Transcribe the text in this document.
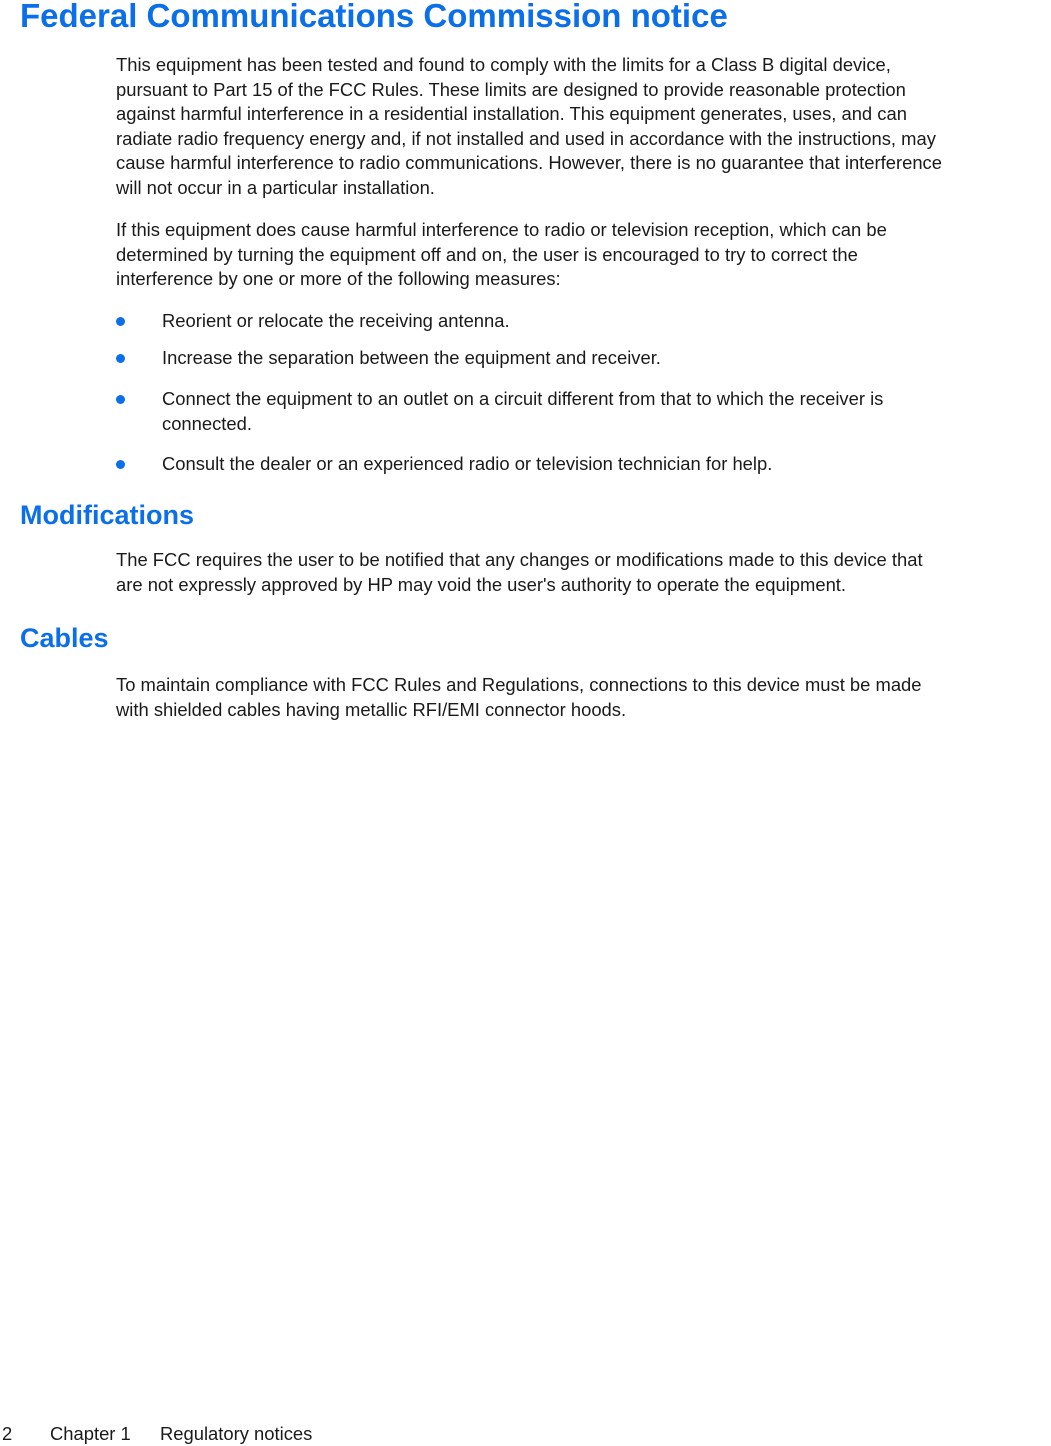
Federal Communications Commission notice

This equipment has been tested and found to comply with the limits for a Class B digital device,
pursuant to Part 15 of the FCC Rules. These limits are designed to provide reasonable protection
against harmful interference in a residential installation. This equipment generates, uses, and can
radiate radio frequency energy and, if not installed and used in accordance with the instructions, may
cause harmful interference to radio communications. However, there is no guarantee that interference
will not occur in a particular installation.

If this equipment does cause harmful interference to radio or television reception, which can be
determined by turning the equipment off and on, the user is encouraged to try to correct the
interference by one or more of the following measures:

Reorient or relocate the receiving antenna.
Increase the separation between the equipment and receiver.
Connect the equipment to an outlet on a circuit different from that to which the receiver is
connected.
Consult the dealer or an experienced radio or television technician for help.
Modifications

The FCC requires the user to be notified that any changes or modifications made to this device that
are not expressly approved by HP may void the user's authority to operate the equipment.

Cables

To maintain compliance with FCC Rules and Regulations, connections to this device must be made
with shielded cables having metallic RFI/EMI connector hoods.

2 Chapter 1 Regulatory notices
